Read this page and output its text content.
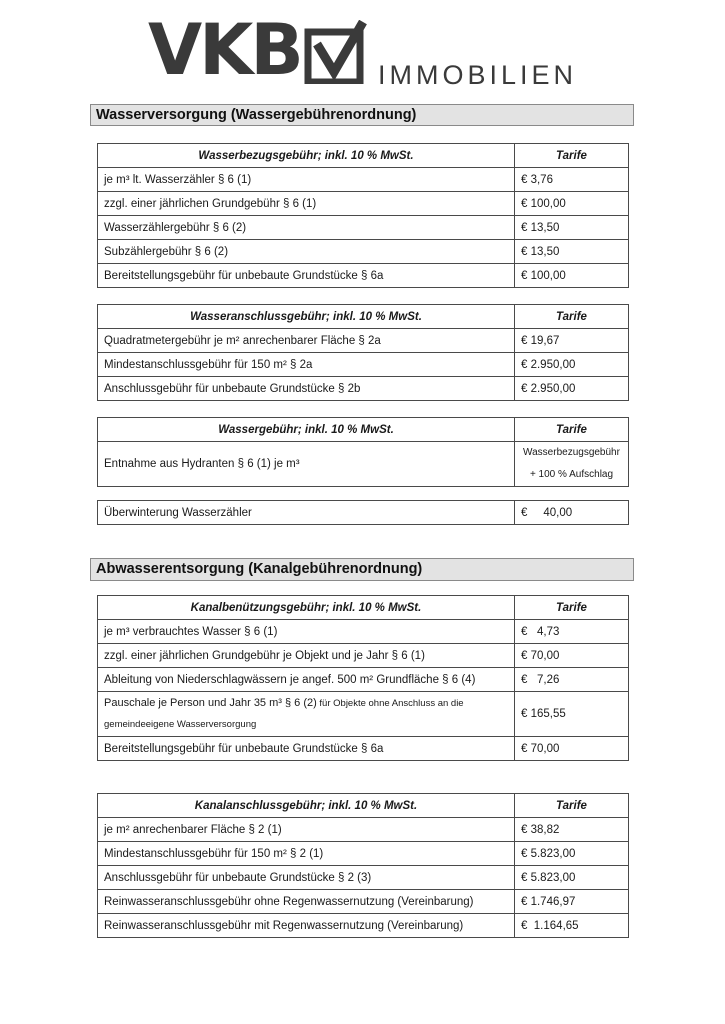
VKB	IMMOBILIEN
Wasserversorgung (Wassergebührenordnung)
Wasserbezugsgebühr; inkl. 10 % MwSt.	Tarife
je m³ lt. Wasserzähler § 6 (1)	€ 3,76
zzgl. einer jährlichen Grundgebühr § 6 (1)	€ 100,00
Wasserzählergebühr § 6 (2)	€ 13,50
Subzählergebühr § 6 (2)	€ 13,50
Bereitstellungsgebühr für unbebaute Grundstücke § 6a	€ 100,00
Wasseranschlussgebühr; inkl. 10 % MwSt.	Tarife
Quadratmetergebühr je m² anrechenbarer Fläche § 2a	€ 19,67
Mindestanschlussgebühr für 150 m² § 2a	€ 2.950,00
Anschlussgebühr für unbebaute Grundstücke § 2b	€ 2.950,00
Wassergebühr; inkl. 10 % MwSt.	Tarife
Entnahme aus Hydranten § 6 (1) je m³	Wasserbezugsgebühr
+ 100 % Aufschlag
Überwinterung Wasserzähler	€     40,00
Abwasserentsorgung (Kanalgebührenordnung)
Kanalbenützungsgebühr; inkl. 10 % MwSt.	Tarife
je m³ verbrauchtes Wasser § 6 (1)	€   4,73
zzgl. einer jährlichen Grundgebühr je Objekt und je Jahr § 6 (1)	€ 70,00
Ableitung von Niederschlagwässern je angef. 500 m² Grundfläche § 6 (4)	€   7,26
Pauschale je Person und Jahr 35 m³ § 6 (2) für Objekte ohne Anschluss an die gemeindeeigene Wasserversorgung	€ 165,55
Bereitstellungsgebühr für unbebaute Grundstücke § 6a	€ 70,00
Kanalanschlussgebühr; inkl. 10 % MwSt.	Tarife
je m² anrechenbarer Fläche § 2 (1)	€ 38,82
Mindestanschlussgebühr für 150 m² § 2 (1)	€ 5.823,00
Anschlussgebühr für unbebaute Grundstücke § 2 (3)	€ 5.823,00
Reinwasseranschlussgebühr ohne Regenwassernutzung (Vereinbarung)	€ 1.746,97
Reinwasseranschlussgebühr mit Regenwassernutzung (Vereinbarung)	€  1.164,65
